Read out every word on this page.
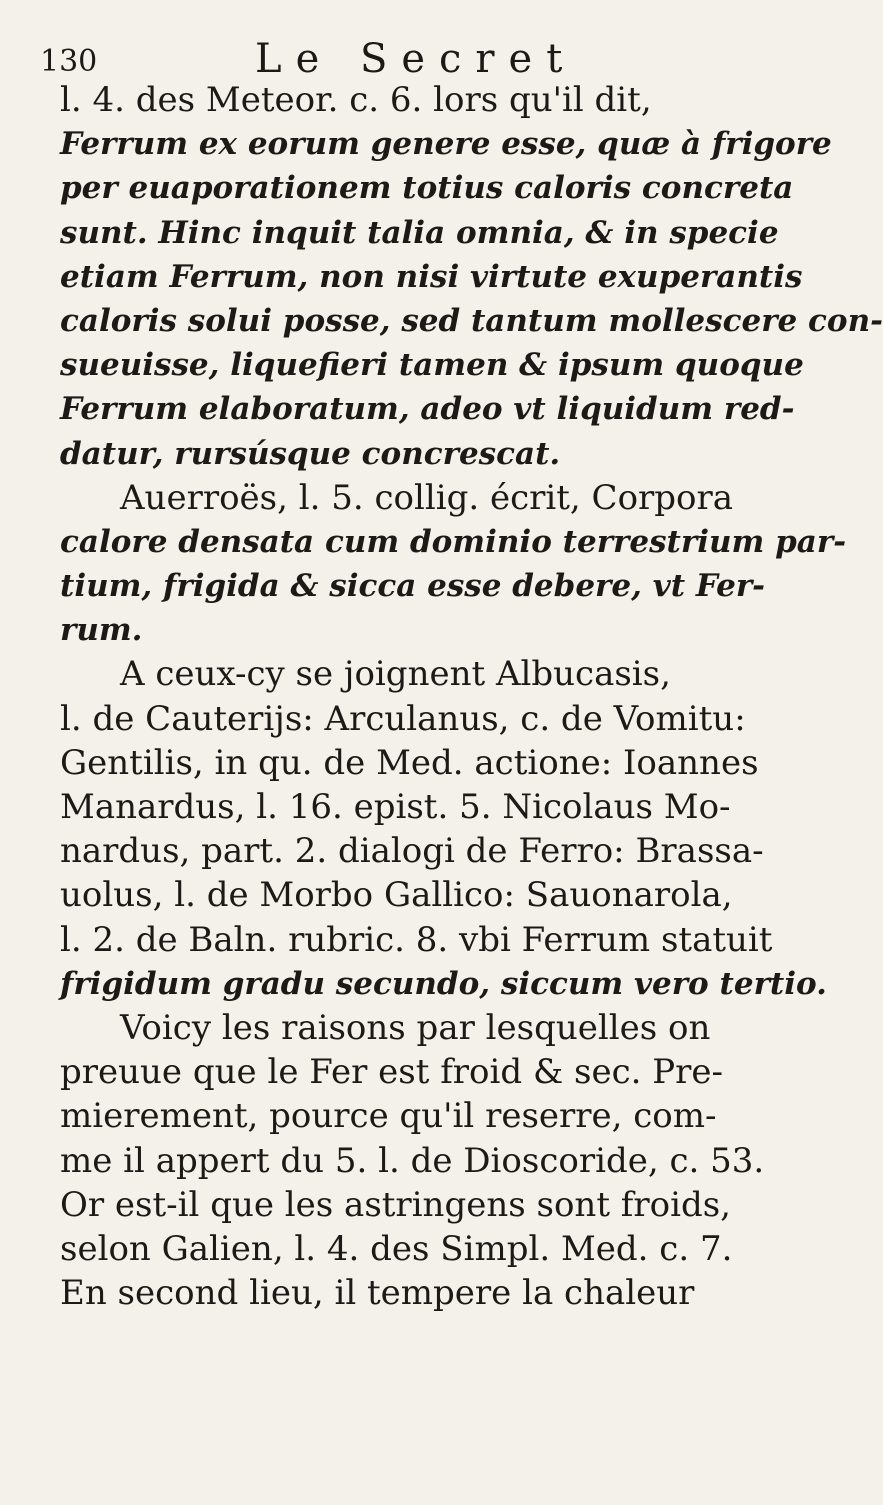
130	Le Secret
l. 4. des Meteor. c. 6. lors qu'il dit,
Ferrum ex eorum genere esse, quæ à frigore
per euaporationem totius caloris concreta
sunt. Hinc inquit talia omnia, & in specie
etiam Ferrum, non nisi virtute exuperantis
caloris solui posse, sed tantum mollescere con-
sueuisse, liquefieri tamen & ipsum quoque
Ferrum elaboratum, adeo vt liquidum red-
datur, rursúsque concrescat.
Auerroës, l. 5. collig. écrit, Corpora
calore densata cum dominio terrestrium par-
tium, frigida & sicca esse debere, vt Fer-
rum.
A ceux-cy se joignent Albucasis,
l. de Cauterijs: Arculanus, c. de Vomitu:
Gentilis, in qu. de Med. actione: Ioannes
Manardus, l. 16. epist. 5. Nicolaus Mo-
nardus, part. 2. dialogi de Ferro: Brassa-
uolus, l. de Morbo Gallico: Sauonarola,
l. 2. de Baln. rubric. 8. vbi Ferrum statuit
frigidum gradu secundo, siccum vero tertio.
Voicy les raisons par lesquelles on
preuue que le Fer est froid & sec. Pre-
mierement, pource qu'il reserre, com-
me il appert du 5. l. de Dioscoride, c. 53.
Or est-il que les astringens sont froids,
selon Galien, l. 4. des Simpl. Med. c. 7.
En second lieu, il tempere la chaleur
